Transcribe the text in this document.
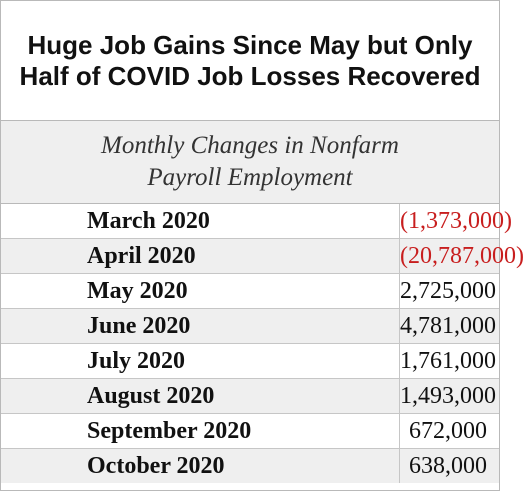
Huge Job Gains Since May but Only Half of COVID Job Losses Recovered
Monthly Changes in Nonfarm Payroll Employment
March 2020	(1,373,000)
April 2020	(20,787,000)
May 2020	2,725,000
June 2020	4,781,000
July 2020	1,761,000
August 2020	1,493,000
September 2020	672,000
October 2020	638,000
